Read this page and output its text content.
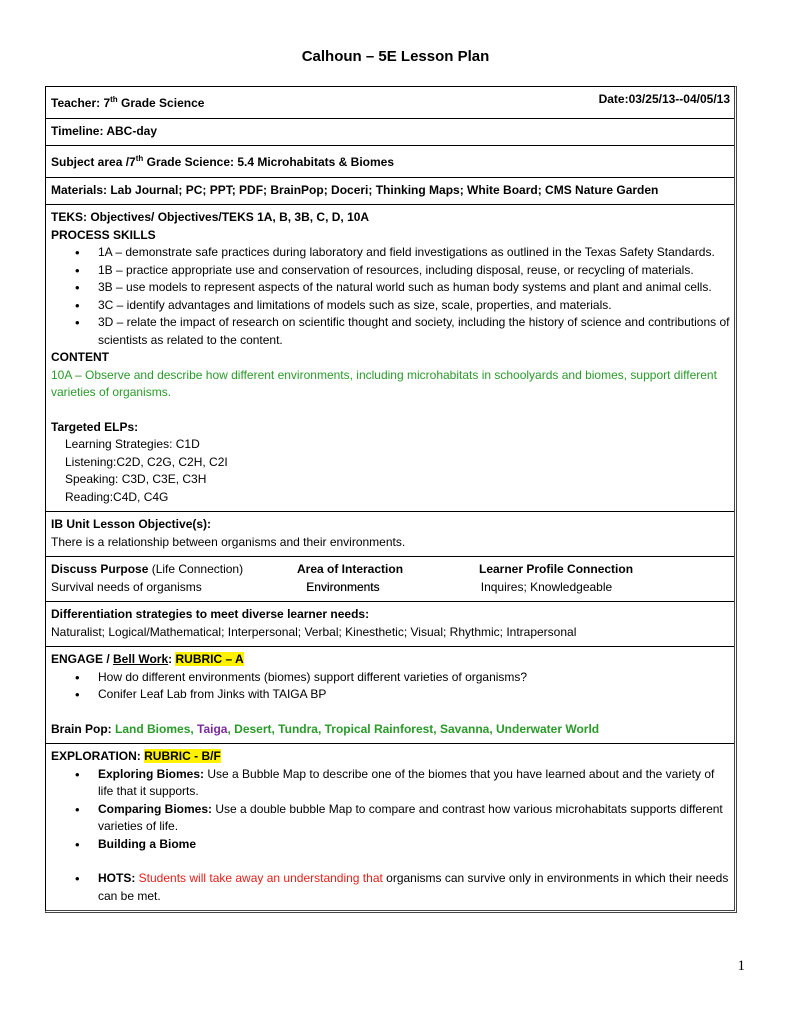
Calhoun – 5E Lesson Plan
Teacher: 7th Grade Science	Date:03/25/13--04/05/13
Timeline: ABC-day
Subject area /7th Grade Science: 5.4 Microhabitats & Biomes
Materials: Lab Journal; PC; PPT; PDF; BrainPop; Doceri; Thinking Maps; White Board; CMS Nature Garden
TEKS: Objectives/ Objectives/TEKS 1A, B, 3B, C, D, 10A
PROCESS SKILLS
• 1A – demonstrate safe practices during laboratory and field investigations as outlined in the Texas Safety Standards.
• 1B – practice appropriate use and conservation of resources, including disposal, reuse, or recycling of materials.
• 3B – use models to represent aspects of the natural world such as human body systems and plant and animal cells.
• 3C – identify advantages and limitations of models such as size, scale, properties, and materials.
• 3D – relate the impact of research on scientific thought and society, including the history of science and contributions of scientists as related to the content.
CONTENT
10A – Observe and describe how different environments, including microhabitats in schoolyards and biomes, support different varieties of organisms.
Targeted ELPs:
Learning Strategies: C1D
Listening:C2D, C2G, C2H, C2I
Speaking: C3D, C3E, C3H
Reading:C4D, C4G
IB Unit Lesson Objective(s):
There is a relationship between organisms and their environments.
Discuss Purpose (Life Connection)	Area of Interaction	Learner Profile Connection
Survival needs of organisms	Environments	Inquires; Knowledgeable
Differentiation strategies to meet diverse learner needs:
Naturalist; Logical/Mathematical; Interpersonal; Verbal; Kinesthetic; Visual; Rhythmic; Intrapersonal
ENGAGE / Bell Work: RUBRIC – A
• How do different environments (biomes) support different varieties of organisms?
• Conifer Leaf Lab from Jinks with TAIGA BP
Brain Pop: Land Biomes, Taiga, Desert, Tundra, Tropical Rainforest, Savanna, Underwater World
EXPLORATION: RUBRIC - B/F
• Exploring Biomes: Use a Bubble Map to describe one of the biomes that you have learned about and the variety of life that it supports.
• Comparing Biomes: Use a double bubble Map to compare and contrast how various microhabitats supports different varieties of life.
• Building a Biome
• HOTS: Students will take away an understanding that organisms can survive only in environments in which their needs can be met.
1
